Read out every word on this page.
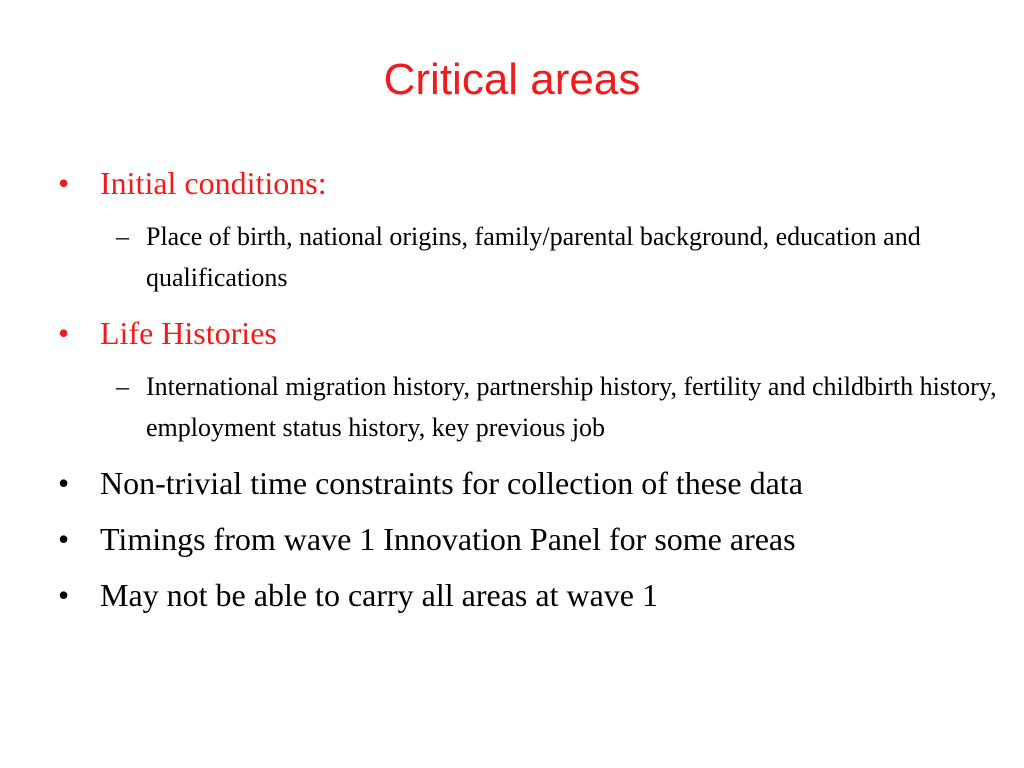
Critical areas
• Initial conditions:
– Place of birth, national origins, family/parental background, education and qualifications
• Life Histories
– International migration history, partnership history, fertility and childbirth history, employment status history, key previous job
• Non-trivial time constraints for collection of these data
• Timings from wave 1 Innovation Panel for some areas
• May not be able to carry all areas at wave 1
